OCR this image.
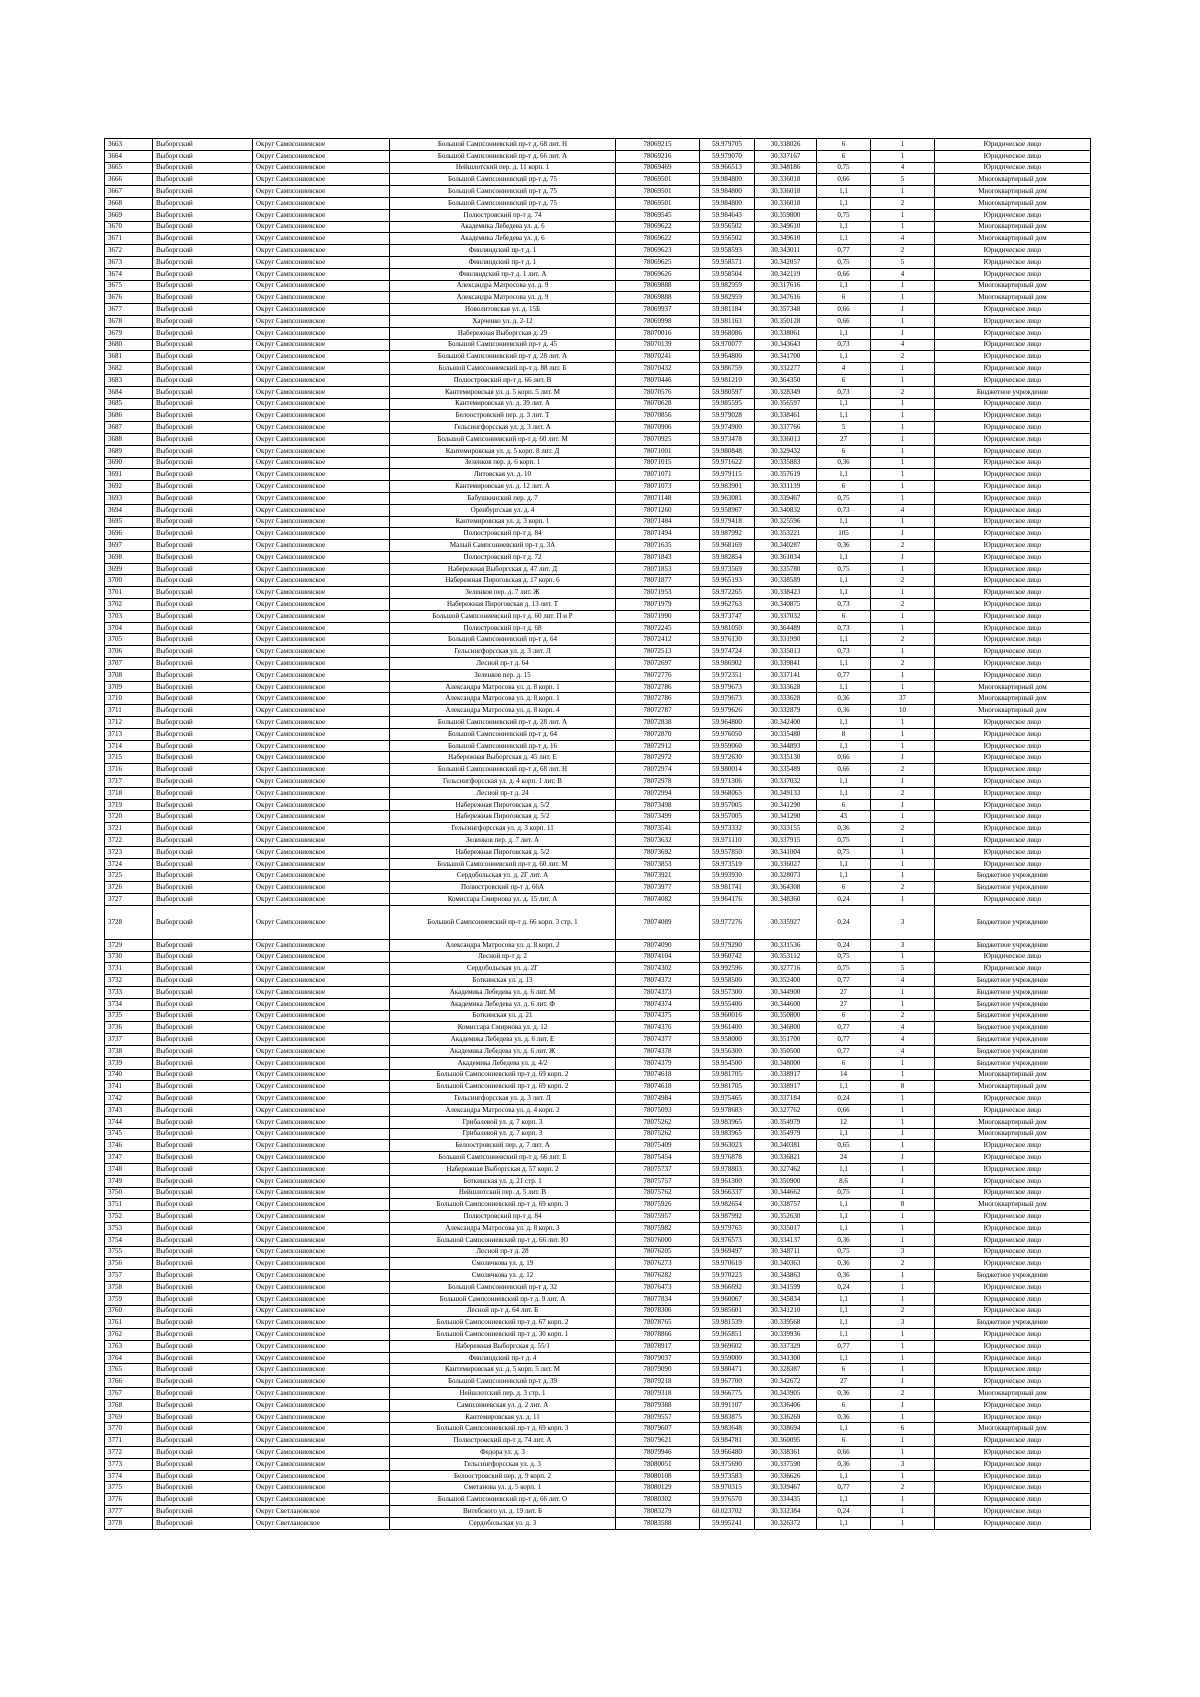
3663	Выборгский	Округ Сампсониевское	Большой Сампсониевский пр-т д. 68 лит. Н	78069215	59.979705	30.338026	6	1	Юридическое лицо
3664	Выборгский	Округ Сампсониевское	Большой Сампсониевский пр-т д. 66 лит. А	78069216	59.979070	30.337167	6	1	Юридическое лицо
3665	Выборгский	Округ Сампсониевское	Нейшлотский пер. д. 11 корп. 1	78069469	59.966513	30.348186	0,75	4	Юридическое лицо
3666	Выборгский	Округ Сампсониевское	Большой Сампсониевский пр-т д. 75	78069501	59.984800	30.336018	0,66	5	Многоквартирный дом
3667	Выборгский	Округ Сампсониевское	Большой Сампсониевский пр-т д. 75	78069501	59.984800	30.336018	1,1	1	Многоквартирный дом
3668	Выборгский	Округ Сампсониевское	Большой Сампсониевский пр-т д. 75	78069501	59.984800	30.336018	1,1	2	Многоквартирный дом
3669	Выборгский	Округ Сампсониевское	Полюстровский пр-т д. 74	78069545	59.984643	30.359800	0,75	1	Юридическое лицо
3670	Выборгский	Округ Сампсониевское	Академика Лебедева ул. д. 6	78069622	59.956502	30.349610	1,1	1	Многоквартирный дом
3671	Выборгский	Округ Сампсониевское	Академика Лебедева ул. д. 6	78069622	59.956502	30.349610	1,1	4	Многоквартирный дом
3672	Выборгский	Округ Сампсониевское	Финляндский пр-т д. 1	78069623	59.958593	30.343011	0,77	2	Юридическое лицо
3673	Выборгский	Округ Сампсониевское	Финляндский пр-т д. 1	78069625	59.958571	30.342057	0,75	5	Юридическое лицо
3674	Выборгский	Округ Сампсониевское	Финляндский пр-т д. 1 лит. А	78069626	59.958504	30.342119	0,66	4	Юридическое лицо
3675	Выборгский	Округ Сампсониевское	Александра Матросова ул. д. 9	78069888	59.982959	30.317616	1,1	1	Многоквартирный дом
3676	Выборгский	Округ Сампсониевское	Александра Матросова ул. д. 9	78069888	59.982959	30.347616	6	1	Многоквартирный дом
3677	Выборгский	Округ Сампсониевское	Новолитовская ул. д. 15Б	78069937	59.981184	30.357348	0,66	1	Юридическое лицо
3678	Выборгский	Округ Сампсониевское	Харченко ул. д. 2-12	78069998	59.981163	30.350128	0,66	1	Юридическое лицо
3679	Выборгский	Округ Сампсониевское	Набережная Выборгская д. 29	78070016	59.968086	30.338061	1,1	1	Юридическое лицо
3680	Выборгский	Округ Сампсониевское	Большой Сампсониевский пр-т д. 45	78070139	59.970077	30.343643	0,73	4	Юридическое лицо
3681	Выборгский	Округ Сампсониевское	Большой Сампсониевский пр-т д. 28 лит. А	78070241	59.964800	30.341700	1,1	2	Юридическое лицо
3682	Выборгский	Округ Сампсониевское	Большой Сампсониевский пр-т д. 88 лит. Б	78070432	59.986759	30.332277	4	1	Юридическое лицо
3683	Выборгский	Округ Сампсониевское	Полюстровский пр-т д. 66 лит. В	78070446	59.981210	30.364350	6	1	Юридическое лицо
3684	Выборгский	Округ Сампсониевское	Кантемировская ул. д. 5 корп. 5 лит. М	78070576	59.980597	30.328349	0,73	2	Бюджетное учреждение
3685	Выборгский	Округ Сампсониевское	Кантемировская ул. д. 39 лит. А	78070628	59.985595	30.356597	1,1	1	Юридическое лицо
3686	Выборгский	Округ Сампсониевское	Белоостровский пер. д. 3 лит. Т	78070856	59.979028	30.338461	1,1	1	Юридическое лицо
3687	Выборгский	Округ Сампсониевское	Гельсингфорсская ул. д. 3 лит. А	78070906	59.974900	30.337766	5	1	Юридическое лицо
3688	Выборгский	Округ Сампсониевское	Большой Сампсониевский пр-т д. 60 лит. М	78070925	59.973478	30.336013	27	1	Юридическое лицо
3689	Выборгский	Округ Сампсониевское	Кантемировская ул. д. 5 корп. 8 лит. Д	78071001	59.980848	30.329432	6	1	Юридическое лицо
3690	Выборгский	Округ Сампсониевское	Зеленков пер. д. 6 корп. 1	78071015	59.971622	30.335883	0,36	1	Юридическое лицо
3691	Выборгский	Округ Сампсониевское	Литовская ул. д. 10	78071071	59.979115	30.357619	1,1	1	Юридическое лицо
3692	Выборгский	Округ Сампсониевское	Кантемировская ул. д. 12 лит. А	78071073	59.983901	30.331139	6	1	Юридическое лицо
3693	Выборгский	Округ Сампсониевское	Бабушкинский пер. д. 7	78071148	59.963081	30.339467	0,75	1	Юридическое лицо
3694	Выборгский	Округ Сампсониевское	Оренбургская ул. д. 4	78071260	59.958967	30.340832	0,73	4	Юридическое лицо
3695	Выборгский	Округ Сампсониевское	Кантемировская ул. д. 3 корп. 1	78071484	59.979418	30.325596	1,1	1	Юридическое лицо
3696	Выборгский	Округ Сампсониевское	Полюстровский пр-т д. 84	78071494	59.987992	30.353221	105	1	Юридическое лицо
3697	Выборгский	Округ Сампсониевское	Малый Сампсониевский пр-т д. 3А	78071635	59.968169	30.340287	0,36	2	Юридическое лицо
3698	Выборгский	Округ Сампсониевское	Полюстровский пр-т д. 72	78071843	59.982854	30.361034	1,1	1	Юридическое лицо
3699	Выборгский	Округ Сампсониевское	Набережная Выборгская д. 47 лит. Д	78071853	59.973569	30.335780	0,75	1	Юридическое лицо
3700	Выборгский	Округ Сампсониевское	Набережная Пироговская д. 17 корп. 6	78071877	59.965193	30.338589	1,1	2	Юридическое лицо
3701	Выборгский	Округ Сампсониевское	Зеленков пер. д. 7 лит. Ж	78071953	59.972265	30.338423	1,1	1	Юридическое лицо
3702	Выборгский	Округ Сампсониевское	Набережная Пироговская д. 13 лит. Т	78071979	59.962763	30.340875	0,73	2	Юридическое лицо
3703	Выборгский	Округ Сампсониевское	Большой Сампсониевский пр-т д. 60 лит. П и Р	78071990	59.973747	30.337032	6	1	Юридическое лицо
3704	Выборгский	Округ Сампсониевское	Полюстровский пр-т д. 68	78072245	59.981050	30.364489	0,73	1	Юридическое лицо
3705	Выборгский	Округ Сампсониевское	Большой Сампсониевский пр-т д. 64	78072412	59.976130	30.331990	1,1	2	Юридическое лицо
3706	Выборгский	Округ Сампсониевское	Гельсингфорсская ул. д. 3 лит. Л	78072513	59.974724	30.335013	0,73	1	Юридическое лицо
3707	Выборгский	Округ Сампсониевское	Лесной пр-т д. 64	78072697	59.986902	30.339841	1,1	2	Юридическое лицо
3708	Выборгский	Округ Сампсониевское	Зеленков пер. д. 15	78072776	59.972351	30.337141	0,77	1	Юридическое лицо
3709	Выборгский	Округ Сампсониевское	Александра Матросова ул. д. 8 корп. 1	78072786	59.979673	30.333628	1,1	1	Многоквартирный дом
3710	Выборгский	Округ Сампсониевское	Александра Матросова ул. д. 8 корп. 1	78072786	59.979673	30.333628	0,36	37	Многоквартирный дом
3711	Выборгский	Округ Сампсониевское	Александра Матросова ул. д. 8 корп. 4	78072787	59.979626	30.332879	0,36	10	Многоквартирный дом
3712	Выборгский	Округ Сампсониевское	Большой Сампсониевский пр-т д. 28 лит. А	78072838	59.964800	30.342400	1,1	1	Юридическое лицо
3713	Выборгский	Округ Сампсониевское	Большой Сампсониевский пр-т д. 64	78072870	59.976050	30.335480	8	1	Юридическое лицо
3714	Выборгский	Округ Сампсониевское	Большой Сампсониевский пр-т д. 16	78072912	59.959060	30.344893	1,1	1	Юридическое лицо
3715	Выборгский	Округ Сампсониевское	Набережная Выборгская д. 45 лит. Е	78072972	59.972630	30.335130	0,66	1	Юридическое лицо
3716	Выборгский	Округ Сампсониевское	Большой Сампсониевский пр-т д. 68 лит. Н	78072974	59.980014	30.335489	0,66	2	Юридическое лицо
3717	Выборгский	Округ Сампсониевское	Гельсингфорсская ул. д. 4 корп. 1 лит. В	78072978	59.971306	30.337032	1,1	1	Юридическое лицо
3718	Выборгский	Округ Сампсониевское	Лесной пр-т д. 24	78072994	59.968065	30.349133	1,1	2	Юридическое лицо
3719	Выборгский	Округ Сампсониевское	Набережная Пироговская д. 5/2	78073498	59.957005	30.341290	6	1	Юридическое лицо
3720	Выборгский	Округ Сампсониевское	Набережная Пироговская д. 5/2	78073499	59.957005	30.341290	43	1	Юридическое лицо
3721	Выборгский	Округ Сампсониевское	Гельсингфорсская ул. д. 3 корп. 11	78073541	59.973332	30.333155	0,36	2	Юридическое лицо
3722	Выборгский	Округ Сампсониевское	Зеленков пер. д. 7 лит. А	78073632	59.971110	30.337915	0,75	1	Юридическое лицо
3723	Выборгский	Округ Сампсониевское	Набережная Пироговская д. 5/2	78073692	59.957850	30.341004	0,75	1	Юридическое лицо
3724	Выборгский	Округ Сампсониевское	Большой Сампсониевский пр-т д. 60 лит. М	78073853	59.973519	30.336027	1,1	1	Юридическое лицо
3725	Выборгский	Округ Сампсониевское	Сердобольская ул. д. 2Г лит. А	78073921	59.993930	30.328073	1,1	1	Бюджетное учреждение
3726	Выборгский	Округ Сампсониевское	Полюстровский пр-т д. 66А	78073977	59.981741	30.364308	6	2	Бюджетное учреждение
3727	Выборгский	Округ Сампсониевское	Комиссара Смирнова ул. д. 15 лит. А	78074082	59.964176	30.348360	0,24	1	Юридическое лицо
3728	Выборгский	Округ Сампсониевское	Большой Сампсониевский пр-т д. 66 корп. 3 стр. 1	78074089	59.977276	30.335927	0,24	3	Бюджетное учреждение
3729	Выборгский	Округ Сампсониевское	Александра Матросова ул. д. 8 корп. 2	78074090	59.979290	30.331536	0,24	3	Бюджетное учреждение
3730	Выборгский	Округ Сампсониевское	Лесной пр-т д. 2	78074104	59.960742	30.353112	0,75	1	Юридическое лицо
3731	Выборгский	Округ Сампсониевское	Сердобольская ул. д. 2Г	78074302	59.992596	30.327716	0,75	5	Юридическое лицо
3732	Выборгский	Округ Сампсониевское	Боткинская ул. д. 13	78074372	59.958500	30.352400	0,77	4	Бюджетное учреждение
3733	Выборгский	Округ Сампсониевское	Академика Лебедева ул. д. 6 лит. М	78074373	59.957300	30.344900	27	1	Бюджетное учреждение
3734	Выборгский	Округ Сампсониевское	Академика Лебедева ул. д. 6 лит. Ф	78074374	59.955400	30.344600	27	1	Бюджетное учреждение
3735	Выборгский	Округ Сампсониевское	Боткинская ул. д. 21	78074375	59.960016	30.350800	6	2	Бюджетное учреждение
3736	Выборгский	Округ Сампсониевское	Комиссара Смирнова ул. д. 12	78074376	59.961400	30.346800	0,77	4	Бюджетное учреждение
3737	Выборгский	Округ Сампсониевское	Академика Лебедева ул. д. 6 лит. Е	78074377	59.958000	30.351700	0,77	4	Бюджетное учреждение
3738	Выборгский	Округ Сампсониевское	Академика Лебедева ул. д. 6 лит. Ж	78074378	59.956300	30.350500	0,77	4	Бюджетное учреждение
3739	Выборгский	Округ Сампсониевское	Академика Лебедева ул. д. 4/2	78074379	59.954500	30.348000	6	1	Бюджетное учреждение
3740	Выборгский	Округ Сампсониевское	Большой Сампсониевский пр-т д. 69 корп. 2	78074618	59.981705	30.338917	14	1	Многоквартирный дом
3741	Выборгский	Округ Сампсониевское	Большой Сампсониевский пр-т д. 69 корп. 2	78074618	59.981705	30.338917	1,1	8	Многоквартирный дом
3742	Выборгский	Округ Сампсониевское	Гельсингфорсская ул. д. 3 лит. Л	78074984	59.975465	30.337184	0,24	1	Юридическое лицо
3743	Выборгский	Округ Сампсониевское	Александра Матросова ул. д. 4 корп. 2	78075093	59.978683	30.327762	0,66	1	Юридическое лицо
3744	Выборгский	Округ Сампсониевское	Грибалевой ул. д. 7 корп. 3	78075262	59.983965	30.354979	12	1	Многоквартирный дом
3745	Выборгский	Округ Сампсониевское	Грибалевой ул. д. 7 корп. 3	78075262	59.983965	30.354979	1,1	1	Многоквартирный дом
3746	Выборгский	Округ Сампсониевское	Белоостровский пер. д. 7 лит. А	78075409	59.963023	30.340381	0,65	1	Юридическое лицо
3747	Выборгский	Округ Сампсониевское	Большой Сампсониевский пр-т д. 66 лит. Е	78075454	59.976878	30.336821	24	1	Юридическое лицо
3748	Выборгский	Округ Сампсониевское	Набережная Выборгская д. 57 корп. 2	78075737	59.978803	30.327462	1,1	1	Юридическое лицо
3749	Выборгский	Округ Сампсониевское	Боткинская ул. д. 21 стр. 1	78075757	59.961300	30.350900	8,6	1	Юридическое лицо
3750	Выборгский	Округ Сампсониевское	Нейшлотский пер. д. 5 лит. В	78075762	59.966337	30.344662	0,75	1	Юридическое лицо
3751	Выборгский	Округ Сампсониевское	Большой Сампсониевский пр-т д. 69 корп. 3	78075926	59.982654	30.338757	1,1	8	Многоквартирный дом
3752	Выборгский	Округ Сампсониевское	Полюстровский пр-т д. 84	78075957	59.987992	30.352630	1,1	1	Юридическое лицо
3753	Выборгский	Округ Сампсониевское	Александра Матросова ул. д. 8 корп. 3	78075982	59.979765	30.335017	1,1	1	Юридическое лицо
3754	Выборгский	Округ Сампсониевское	Большой Сампсониевский пр-т д. 66 лит. Ю	78076000	59.976573	30.334137	0,36	1	Юридическое лицо
3755	Выборгский	Округ Сампсониевское	Лесной пр-т д. 28	78076205	59.969497	30.348711	0,75	3	Юридическое лицо
3756	Выборгский	Округ Сампсониевское	Смолячкова ул. д. 19	78076273	59.970619	30.340363	0,36	2	Юридическое лицо
3757	Выборгский	Округ Сампсониевское	Смолячкова ул. д. 12	78076282	59.970223	30.343863	0,36	1	Бюджетное учреждение
3758	Выборгский	Округ Сампсониевское	Большой Сампсониевский пр-т д. 32	78076473	59.966692	30.341599	0,24	1	Юридическое лицо
3759	Выборгский	Округ Сампсониевское	Большой Сампсониевский пр-т д. 9 лит. А	78077834	59.960067	30.345834	1,1	1	Юридическое лицо
3760	Выборгский	Округ Сампсониевское	Лесной пр-т д. 64 лит. Б	78078306	59.985601	30.341210	1,1	2	Юридическое лицо
3761	Выборгский	Округ Сампсониевское	Большой Сампсониевский пр-т д. 67 корп. 2	78078765	59.981539	30.339568	1,1	3	Бюджетное учреждение
3762	Выборгский	Округ Сампсониевское	Большой Сампсониевский пр-т д. 30 корп. 1	78078866	59.965851	30.339936	1,1	1	Юридическое лицо
3763	Выборгский	Округ Сампсониевское	Набережная Выборгская д. 55/1	78078917	59.969602	30.337329	0,77	1	Юридическое лицо
3764	Выборгский	Округ Сампсониевское	Финляндский пр-т д. 4	78079037	59.959000	30.341300	1,1	1	Юридическое лицо
3765	Выборгский	Округ Сампсониевское	Кантемировская ул. д. 5 корп. 5 лит. М	78079090	59.980471	30.328387	6	1	Юридическое лицо
3766	Выборгский	Округ Сампсониевское	Большой Сампсониевский пр-т д. 39	78079218	59.967700	30.342672	27	1	Юридическое лицо
3767	Выборгский	Округ Сампсониевское	Нейшлотский пер. д. 3 стр. 1	78079318	59.966775	30.343905	0,36	2	Многоквартирный дом
3768	Выборгский	Округ Сампсониевское	Сампсониевская ул. д. 2 лит. А	78079388	59.991107	30.336406	6	1	Юридическое лицо
3769	Выборгский	Округ Сампсониевское	Кантемировская ул. д. 11	78079557	59.983875	30.336269	0,36	1	Юридическое лицо
3770	Выборгский	Округ Сампсониевское	Большой Сампсониевский пр-т д. 69 корп. 3	78079607	59.983648	30.338694	1,1	6	Многоквартирный дом
3771	Выборгский	Округ Сампсониевское	Полюстровский пр-т д. 74 лит. А	78079621	59.984781	30.360095	6	1	Юридическое лицо
3772	Выборгский	Округ Сампсониевское	Федора ул. д. 3	78079946	59.966480	30.338361	0,66	1	Юридическое лицо
3773	Выборгский	Округ Сампсониевское	Гельсингфорсская ул. д. 3	78080051	59.975690	30.337590	0,36	3	Юридическое лицо
3774	Выборгский	Округ Сампсониевское	Белоостровский пер. д. 9 корп. 2	78080108	59.973583	30.336626	1,1	1	Юридическое лицо
3775	Выборгский	Округ Сампсониевское	Сметанова ул. д. 5 корп. 1	78080129	59.970315	30.339467	0,77	2	Юридическое лицо
3776	Выборгский	Округ Сампсониевское	Большой Сампсониевский пр-т д. 66 лит. О	78080302	59.976570	30.334435	1,1	1	Юридическое лицо
3777	Выборгский	Округ Светлановское	Витебского ул. д. 19 лит. Б	78083279	60.023702	30.332384	0,24	1	Юридическое лицо
3778	Выборгский	Округ Светлановское	Сердобольская ул. д. 3	78083588	59.995241	30.326372	1,1	1	Юридическое лицо
